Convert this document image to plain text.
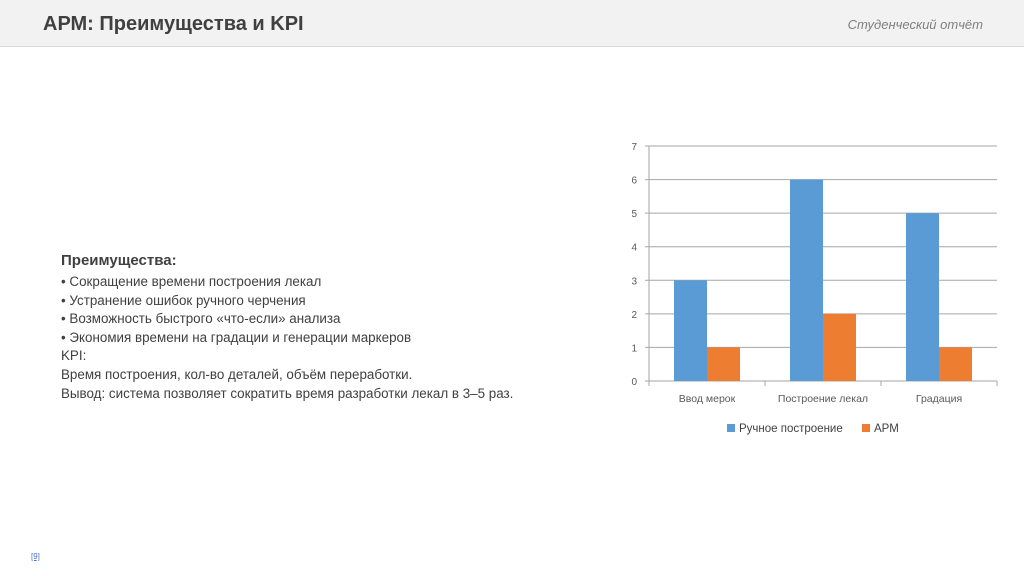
АРМ: Преимущества и KPI	Студенческий отчёт
Преимущества:
• Сокращение времени построения лекал
• Устранение ошибок ручного черчения
• Возможность быстрого «что-если» анализа
• Экономия времени на градации и генерации маркеров
KPI:
Время построения, кол-во деталей, объём переработки.
Вывод: система позволяет сократить время разработки лекал в 3–5 раз.
0
1
2
3
4
5
6
7
Ввод мерок	Построение лекал	Градация
Ручное построение	АРМ
[9]
